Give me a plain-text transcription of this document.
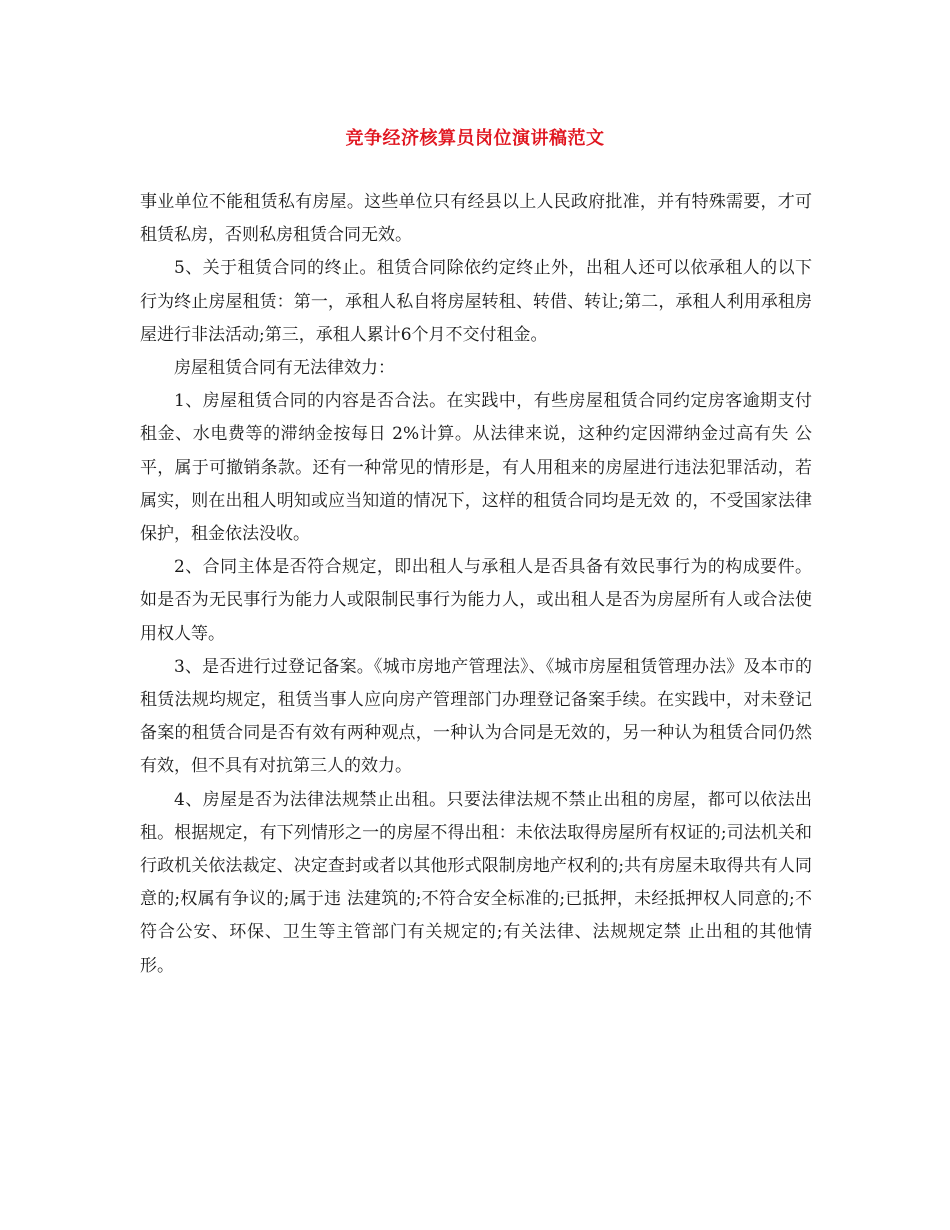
竞争经济核算员岗位演讲稿范文

事业单位不能租赁私有房屋。这些单位只有经县以上人民政府批准，并有特殊需要，才可租赁私房，否则私房租赁合同无效。

5、关于租赁合同的终止。租赁合同除依约定终止外，出租人还可以依承租人的以下行为终止房屋租赁：第一，承租人私自将房屋转租、转借、转让;第二，承租人利用承租房屋进行非法活动;第三，承租人累计6个月不交付租金。

房屋租赁合同有无法律效力：

1、房屋租赁合同的内容是否合法。在实践中，有些房屋租赁合同约定房客逾期支付租金、水电费等的滞纳金按每日 2%计算。从法律来说，这种约定因滞纳金过高有失 公平，属于可撤销条款。还有一种常见的情形是，有人用租来的房屋进行违法犯罪活动，若属实，则在出租人明知或应当知道的情况下，这样的租赁合同均是无效 的，不受国家法律保护，租金依法没收。

2、合同主体是否符合规定，即出租人与承租人是否具备有效民事行为的构成要件。如是否为无民事行为能力人或限制民事行为能力人，或出租人是否为房屋所有人或合法使用权人等。

3、是否进行过登记备案。《城市房地产管理法》、《城市房屋租赁管理办法》及本市的租赁法规均规定，租赁当事人应向房产管理部门办理登记备案手续。在实践中，对未登记备案的租赁合同是否有效有两种观点，一种认为合同是无效的，另一种认为租赁合同仍然有效，但不具有对抗第三人的效力。

4、房屋是否为法律法规禁止出租。只要法律法规不禁止出租的房屋，都可以依法出租。根据规定，有下列情形之一的房屋不得出租：未依法取得房屋所有权证的;司法机关和行政机关依法裁定、决定查封或者以其他形式限制房地产权利的;共有房屋未取得共有人同意的;权属有争议的;属于违 法建筑的;不符合安全标准的;已抵押，未经抵押权人同意的;不符合公安、环保、卫生等主管部门有关规定的;有关法律、法规规定禁 止出租的其他情形。
